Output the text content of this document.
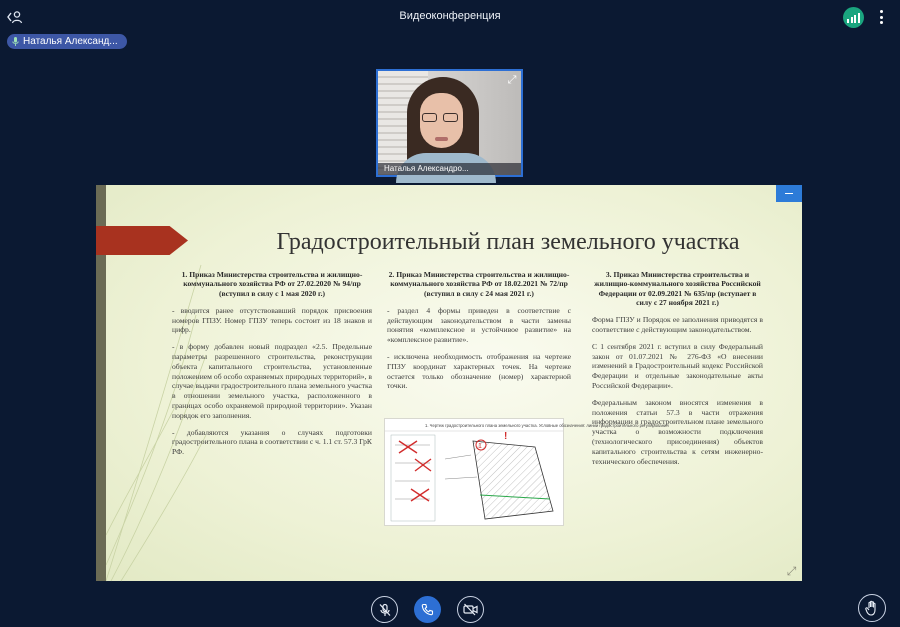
Видеоконференция
Наталья Александ...
⤢
Наталья Александро...
Градостроительный план земельного участка
1. Приказ Министерства строительства и жилищно-коммунального хозяйства РФ от 27.02.2020 № 94/пр (вступил в силу с 1 мая 2020 г.)

- вводится ранее отсутствовавший порядок присвоения номеров ГПЗУ. Номер ГПЗУ теперь состоит из 18 знаков и цифр.

- в форму добавлен новый подраздел «2.5. Предельные параметры разрешенного строительства, реконструкции объекта капитального строительства, установленные положением об особо охраняемых природных территорий», в случае выдачи градостроительного плана земельного участка в отношении земельного участка, расположенного в границах особо охраняемой природной территории». Указан порядок его заполнения.

- добавляются указания о случаях подготовки градостроительного плана в соответствии с ч. 1.1 ст. 57.3 ГрК РФ.

2. Приказ Министерства строительства и жилищно-коммунального хозяйства РФ от 18.02.2021 № 72/пр (вступил в силу с 24 мая 2021 г.)

- раздел 4 формы приведен в соответствие с действующим законодательством в части замены понятия «комплексное и устойчивое развитие» на «комплексное развитие».

- исключена необходимость отображения на чертеже ГПЗУ координат характерных точек. На чертеже остается только обозначение (номер) характерной точки.

1. Чертеж градостроительного плана земельного участка. Условные обозначения: линии градостроительного регулирования
1
!
3. Приказ Министерства строительства и жилищно-коммунального хозяйства Российской Федерации от 02.09.2021 № 635/пр (вступает в силу с 27 ноября 2021 г.)

Форма ГПЗУ и Порядок ее заполнения приводятся в соответствие с действующим законодательством.

С 1 сентября 2021 г. вступил в силу Федеральный закон от 01.07.2021 № 276-ФЗ «О внесении изменений в Градостроительный кодекс Российской Федерации и отдельные законодательные акты Российской Федерации».

Федеральным законом вносятся изменения в положения статьи 57.3 в части отражения информации в градостроительном плане земельного участка о возможности подключения (технологического присоединения) объектов капитального строительства к сетям инженерно-технического обеспечения.

⤢
